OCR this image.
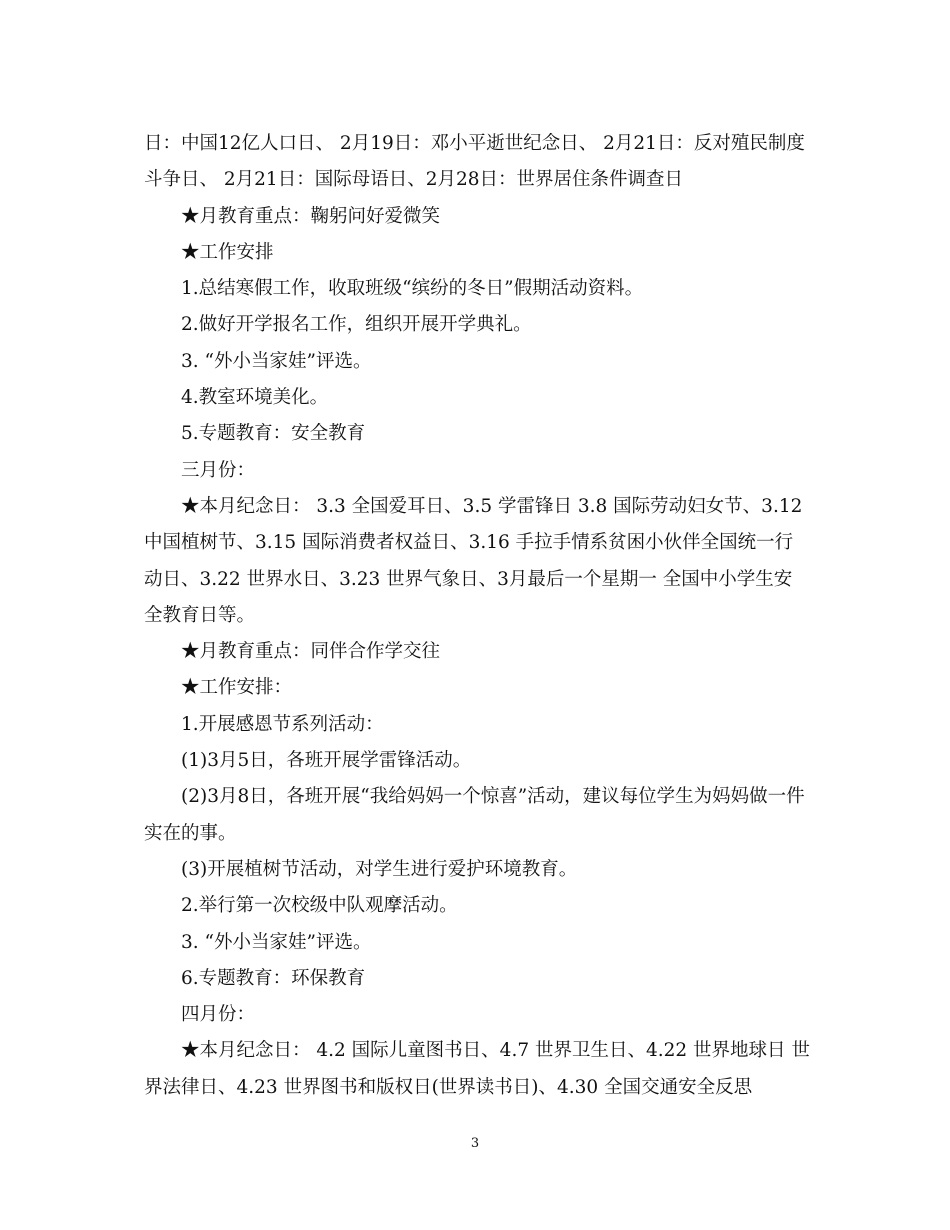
日：中国12亿人口日、 2月19日：邓小平逝世纪念日、 2月21日：反对殖民制度斗争日、 2月21日：国际母语日、2月28日：世界居住条件调查日

★月教育重点：鞠躬问好爱微笑

★工作安排

1.总结寒假工作，收取班级“缤纷的冬日”假期活动资料。

2.做好开学报名工作，组织开展开学典礼。

3. “外小当家娃”评选。

4.教室环境美化。

5.专题教育：安全教育

三月份：

★本月纪念日： 3.3 全国爱耳日、3.5 学雷锋日 3.8 国际劳动妇女节、3.12 中国植树节、3.15 国际消费者权益日、3.16 手拉手情系贫困小伙伴全国统一行动日、3.22 世界水日、3.23 世界气象日、3月最后一个星期一 全国中小学生安全教育日等。

★月教育重点：同伴合作学交往

★工作安排：

1.开展感恩节系列活动：

(1)3月5日，各班开展学雷锋活动。

(2)3月8日，各班开展“我给妈妈一个惊喜”活动，建议每位学生为妈妈做一件实在的事。

(3)开展植树节活动，对学生进行爱护环境教育。

2.举行第一次校级中队观摩活动。

3. “外小当家娃”评选。

6.专题教育：环保教育

四月份：

★本月纪念日： 4.2 国际儿童图书日、4.7 世界卫生日、4.22 世界地球日 世界法律日、4.23 世界图书和版权日(世界读书日)、4.30 全国交通安全反思

3
